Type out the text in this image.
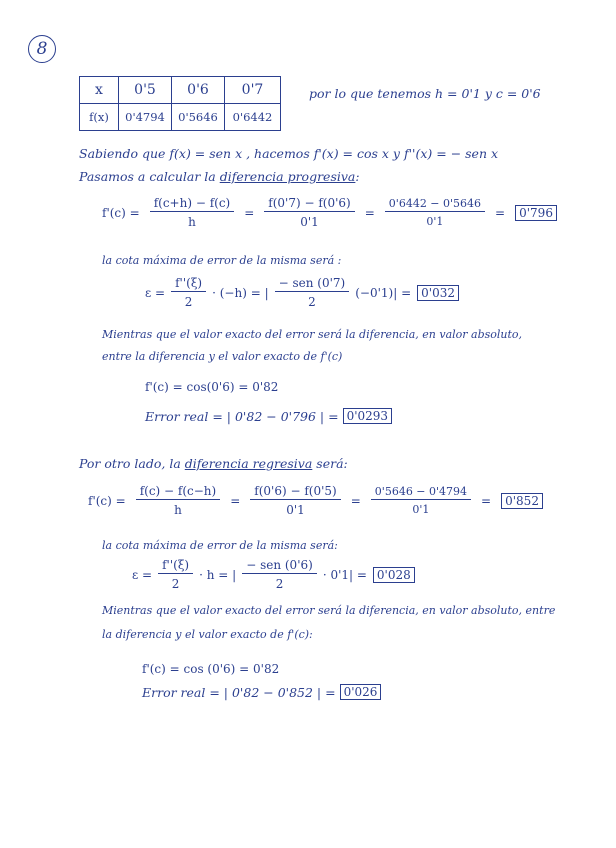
8
x	0'5	0'6	0'7
f(x)	0'4794	0'5646	0'6442
por lo que tenemos h = 0'1 y c = 0'6
Sabiendo que f(x) = sen x , hacemos f'(x) = cos x y f''(x) = − sen x
Pasamos a calcular la diferencia progresiva:
$f'(c) = \frac{f(c+h) - f(c)}{h} = \frac{f(0'7) - f(0'6)}{0'1} = \frac{0'6442 - 0'5646}{0'1}$ =	0'796
la cota máxima de error de la misma será :
$\varepsilon = \frac{f''(\xi)}{2} \cdot (-h)$ = | $\frac{\text{− sen (0'7)}}{2} (-0'1)| = 0'032$
Mientras que el valor exacto del error será la diferencia, en valor absoluto,
entre la diferencia y el valor exacto de f'(c)
f'(c) = cos(0'6) = 0'82
Error real = | 0'82 − 0'796 | = 0'0293
Por otro lado, la diferencia regresiva será:
$f'(c) = \frac{f(c) - f(c-h)}{h} = \frac{f(0'6) - f(0'5)}{0'1} = \frac{0'5646 - 0'4794}{0'1}$ =	0'852
la cota máxima de error de la misma será:
$\varepsilon = \frac{f''(\xi)}{2} \cdot h$ = | $\frac{\text{− sen (0'6)}}{2} \cdot 0'1| = 0'028$
Mientras que el valor exacto del error será la diferencia, en valor absoluto, entre
la diferencia y el valor exacto de f'(c):
f'(c) = cos (0'6) = 0'82
Error real = | 0'82 − 0'852 | = 0'026
